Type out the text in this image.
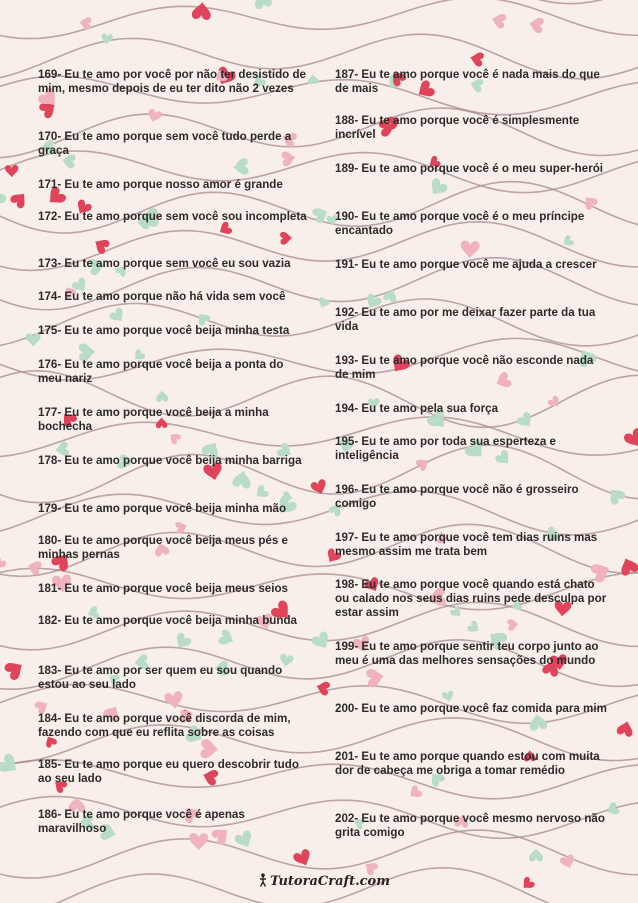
169- Eu te amo por você por não ter desistido de mim, mesmo depois de eu ter dito não 2 vezes

170- Eu te amo porque sem você tudo perde a graça

171- Eu te amo porque nosso amor é grande

172- Eu te amo porque sem você sou incompleta

173- Eu te amo porque sem você eu sou vazia

174- Eu te amo porque não há vida sem você

175- Eu te amo porque você beija minha testa

176- Eu te amo porque você beija a ponta do meu nariz

177- Eu te amo porque você beija a minha bochecha

178- Eu te amo porque você beija minha barriga

179- Eu te amo porque você beija minha mão

180- Eu te amo porque você beija meus pés e minhas pernas

181- Eu te amo porque você beija meus seios

182- Eu te amo porque você beija minha bunda

183- Eu te amo por ser quem eu sou quando estou ao seu lado

184- Eu te amo porque você discorda de mim, fazendo com que eu reflita sobre as coisas

185- Eu te amo porque eu quero descobrir tudo ao seu lado

186- Eu te amo porque você é apenas maravilhoso

187- Eu te amo porque você é nada mais do que de mais

188- Eu te amo porque você é simplesmente incrível

189- Eu te amo porque você é o meu super-herói

190- Eu te amo porque você é o meu príncipe encantado

191- Eu te amo porque você me ajuda a crescer

192- Eu te amo por me deixar fazer parte da tua vida

193- Eu te amo porque você não esconde nada de mim

194- Eu te amo pela sua força

195- Eu te amo por toda sua esperteza e inteligência

196- Eu te amo porque você não é grosseiro comigo

197- Eu te amo porque você tem dias ruins mas mesmo assim me trata bem

198- Eu te amo porque você quando está chato ou calado nos seus dias ruins pede desculpa por estar assim

199- Eu te amo porque sentir teu corpo junto ao meu é uma das melhores sensações do mundo

200- Eu te amo porque você faz comida para mim

201- Eu te amo porque quando estou com muita dor de cabeça me obriga a tomar remédio

202- Eu te amo porque você mesmo nervoso não grita comigo

TutoraCraft.com
